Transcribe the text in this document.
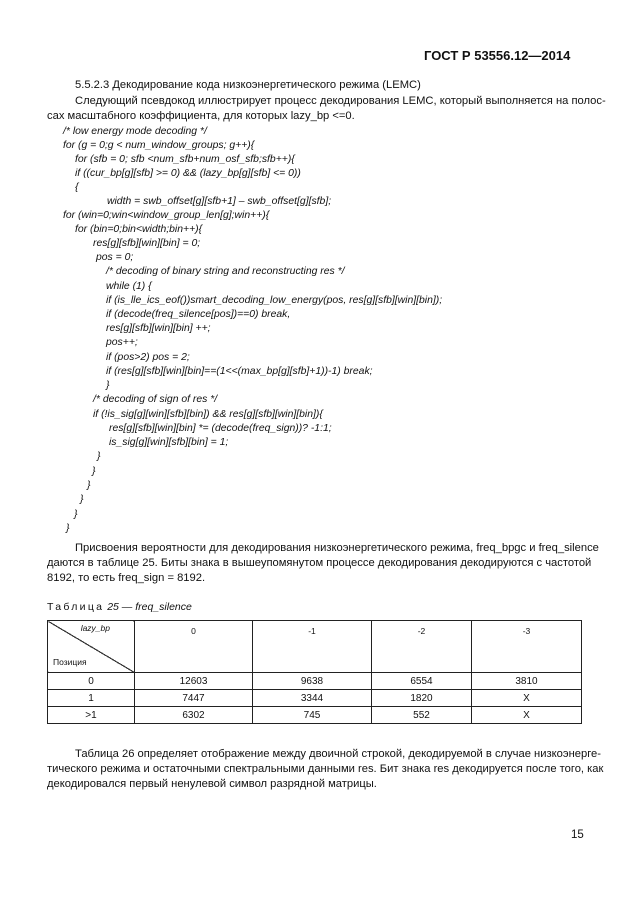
ГОСТ Р 53556.12—2014
5.5.2.3 Декодирование кода низкоэнергетического режима (LEMC)
Следующий псевдокод иллюстрирует процесс декодирования LEMC, который выполняется на полос-
сах масштабного коэффициента, для которых lazy_bp <=0.
/* low energy mode decoding */
for (g = 0;g < num_window_groups; g++){
for (sfb = 0; sfb <num_sfb+num_osf_sfb;sfb++){
if ((cur_bp[g][sfb] >= 0) && (lazy_bp[g][sfb] <= 0))
{
width = swb_offset[g][sfb+1] – swb_offset[g][sfb];
for (win=0;win<window_group_len[g];win++){
for (bin=0;bin<width;bin++){
res[g][sfb][win][bin] = 0;
pos = 0;
/* decoding of binary string and reconstructing res */
while (1) {
if (is_lle_ics_eof())smart_decoding_low_energy(pos, res[g][sfb][win][bin]);
if (decode(freq_silence[pos])==0) break,
res[g][sfb][win][bin] ++;
pos++;
if (pos>2) pos = 2;
if (res[g][sfb][win][bin]==(1<<(max_bp[g][sfb]+1))-1) break;
}
/* decoding of sign of res */
if (!is_sig[g][win][sfb][bin]) && res[g][sfb][win][bin]){
res[g][sfb][win][bin] *= (decode(freq_sign))? -1:1;
is_sig[g][win][sfb][bin] = 1;
}
}
}
}
}
}
Присвоения вероятности для декодирования низкоэнергетического режима, freq_bpgc и freq_silence
даются в таблице 25. Биты знака в вышеупомянутом процессе декодирования декодируются с частотой
8192, то есть freq_sign = 8192.
Таблица 25 — freq_silence
lazy_bp
Позиция	0	-1	-2	-3
0	12603	9638	6554	3810
1	7447	3344	1820	X
>1	6302	745	552	X
Таблица 26 определяет отображение между двоичной строкой, декодируемой в случае низкоэнерге-
тического режима и остаточными спектральными данными res. Бит знака res декодируется после того, как
декодировался первый ненулевой символ разрядной матрицы.
15
